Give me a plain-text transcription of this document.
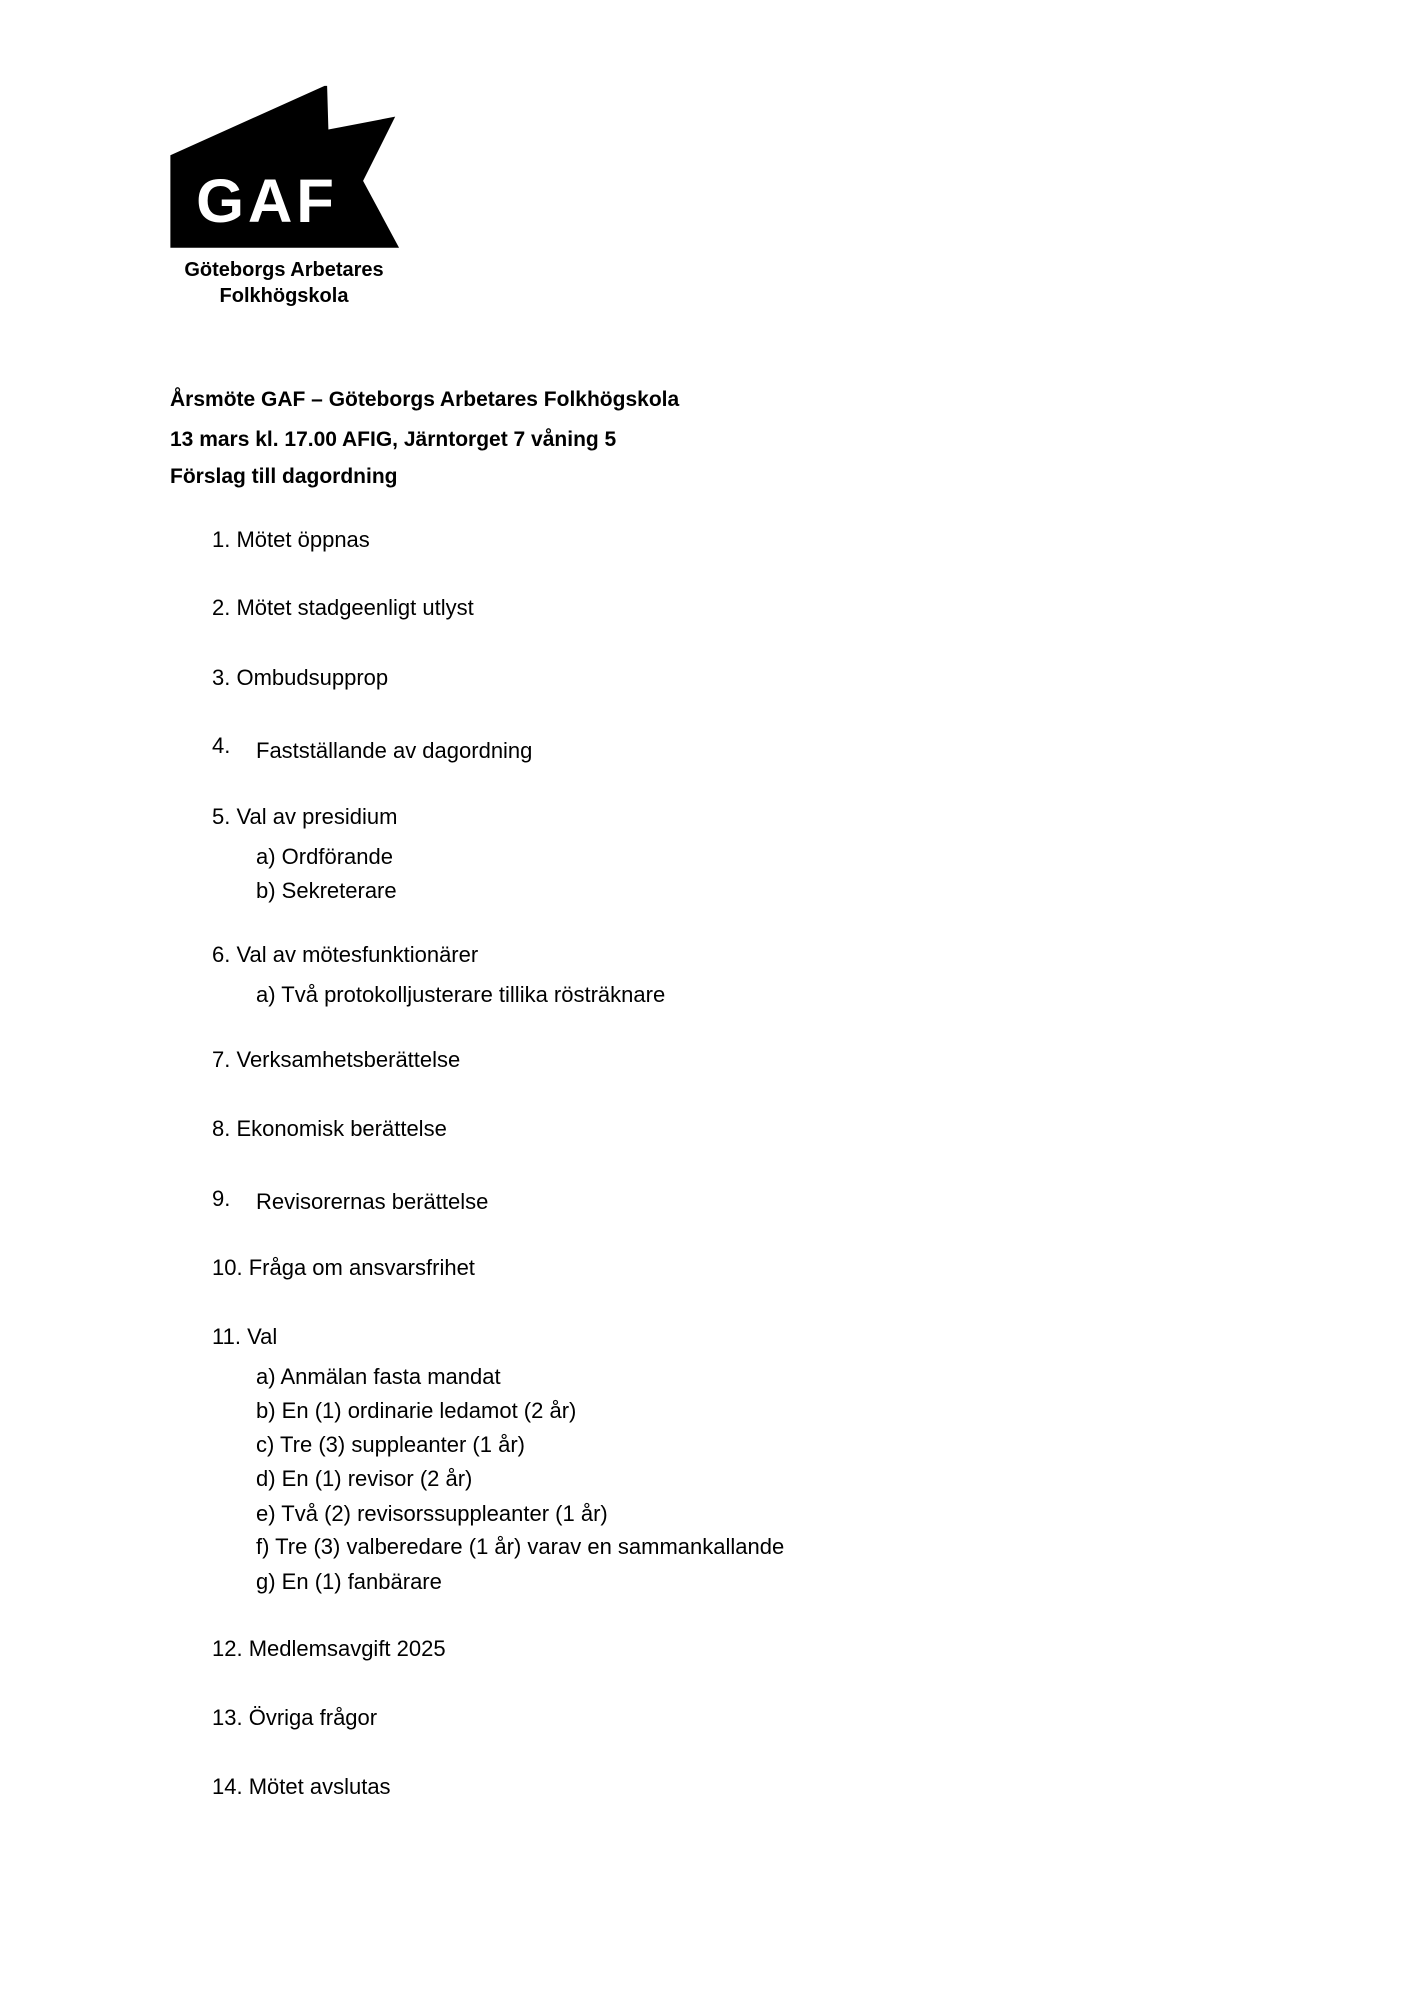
GAF
Göteborgs Arbetares
Folkhögskola
Årsmöte GAF – Göteborgs Arbetares Folkhögskola
13 mars kl. 17.00 AFIG, Järntorget 7 våning 5
Förslag till dagordning
1. Mötet öppnas
2. Mötet stadgeenligt utlyst
3. Ombudsupprop
4. Fastställande av dagordning
5. Val av presidium
a) Ordförande
b) Sekreterare
6. Val av mötesfunktionärer
a) Två protokolljusterare tillika rösträknare
7. Verksamhetsberättelse
8. Ekonomisk berättelse
9. Revisorernas berättelse
10. Fråga om ansvarsfrihet
11. Val
a) Anmälan fasta mandat
b) En (1) ordinarie ledamot (2 år)
c) Tre (3) suppleanter (1 år)
d) En (1) revisor (2 år)
e) Två (2) revisorssuppleanter (1 år)
f) Tre (3) valberedare (1 år) varav en sammankallande
g) En (1) fanbärare
12. Medlemsavgift 2025
13. Övriga frågor
14. Mötet avslutas
